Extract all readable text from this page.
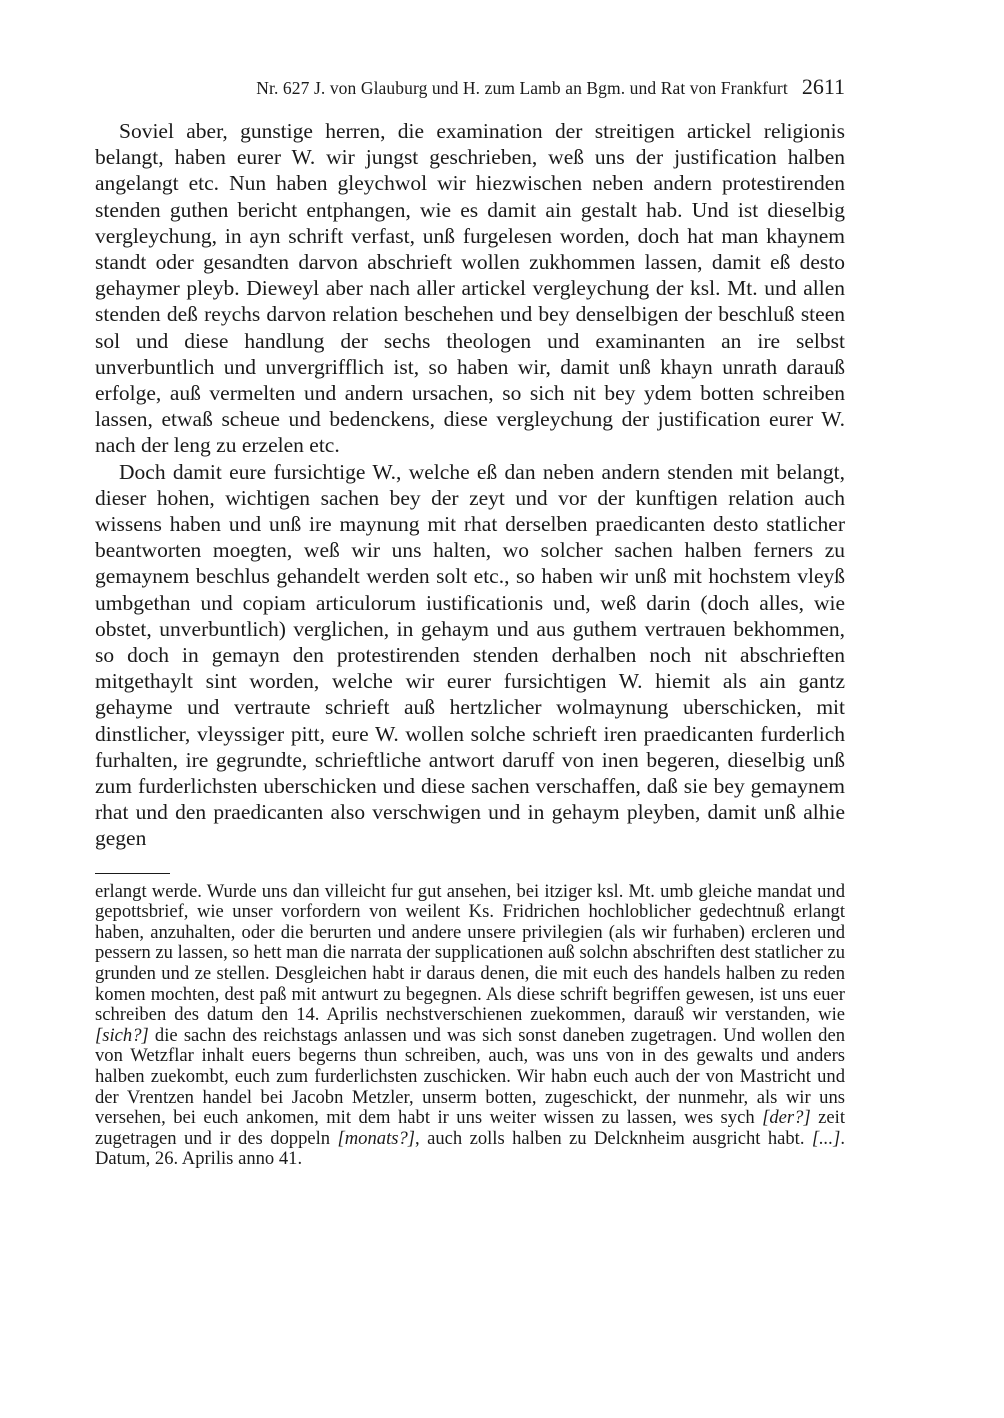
Nr. 627 J. von Glauburg und H. zum Lamb an Bgm. und Rat von Frankfurt 2611

Soviel aber, gunstige herren, die examination der streitigen artickel religionis belangt, haben eurer W. wir jungst geschrieben, weß uns der justification halben angelangt etc. Nun haben gleychwol wir hiezwischen neben andern protestirenden stenden guthen bericht entphangen, wie es damit ain gestalt hab. Und ist dieselbig vergleychung, in ayn schrift verfast, unß furgelesen worden, doch hat man khaynem standt oder gesandten darvon abschrieft wollen zukhommen lassen, damit eß desto gehaymer pleyb. Dieweyl aber nach aller artickel vergleychung der ksl. Mt. und allen stenden deß reychs darvon relation beschehen und bey denselbigen der beschluß steen sol und diese handlung der sechs theologen und examinanten an ire selbst unverbuntlich und unvergrifflich ist, so haben wir, damit unß khayn unrath darauß erfolge, auß vermelten und andern ursachen, so sich nit bey ydem botten schreiben lassen, etwaß scheue und bedenckens, diese vergleychung der justification eurer W. nach der leng zu erzelen etc.

Doch damit eure fursichtige W., welche eß dan neben andern stenden mit belangt, dieser hohen, wichtigen sachen bey der zeyt und vor der kunftigen relation auch wissens haben und unß ire maynung mit rhat derselben praedicanten desto statlicher beantworten moegten, weß wir uns halten, wo solcher sachen halben ferners zu gemaynem beschlus gehandelt werden solt etc., so haben wir unß mit hochstem vleyß umbgethan und copiam articulorum iustificationis und, weß darin (doch alles, wie obstet, unverbuntlich) verglichen, in gehaym und aus guthem vertrauen bekhommen, so doch in gemayn den protestirenden stenden derhalben noch nit abschrieften mitgethaylt sint worden, welche wir eurer fursichtigen W. hiemit als ain gantz gehayme und vertraute schrieft auß hertzlicher wolmaynung uberschicken, mit dinstlicher, vleyssiger pitt, eure W. wollen solche schrieft iren praedicanten furderlich furhalten, ire gegrundte, schrieftliche antwort daruff von inen begeren, dieselbig unß zum furderlichsten uberschicken und diese sachen verschaffen, daß sie bey gemaynem rhat und den praedicanten also verschwigen und in gehaym pleyben, damit unß alhie gegen

erlangt werde. Wurde uns dan villeicht fur gut ansehen, bei itziger ksl. Mt. umb gleiche mandat und gepottsbrief, wie unser vorfordern von weilent Ks. Fridrichen hochloblicher gedechtnuß erlangt haben, anzuhalten, oder die berurten und andere unsere privilegien (als wir furhaben) ercleren und pessern zu lassen, so hett man die narrata der supplicationen auß solchn abschriften dest statlicher zu grunden und ze stellen. Desgleichen habt ir daraus denen, die mit euch des handels halben zu reden komen mochten, dest paß mit antwurt zu begegnen. Als diese schrift begriffen gewesen, ist uns euer schreiben des datum den 14. Aprilis nechstverschienen zuekommen, darauß wir verstanden, wie [sich?] die sachn des reichstags anlassen und was sich sonst daneben zugetragen. Und wollen den von Wetzflar inhalt euers begerns thun schreiben, auch, was uns von in des gewalts und anders halben zuekombt, euch zum furderlichsten zuschicken. Wir habn euch auch der von Mastricht und der Vrentzen handel bei Jacobn Metzler, unserm botten, zugeschickt, der nunmehr, als wir uns versehen, bei euch ankomen, mit dem habt ir uns weiter wissen zu lassen, wes sych [der?] zeit zugetragen und ir des doppeln [monats?], auch zolls halben zu Delcknheim ausgricht habt. [...]. Datum, 26. Aprilis anno 41.
